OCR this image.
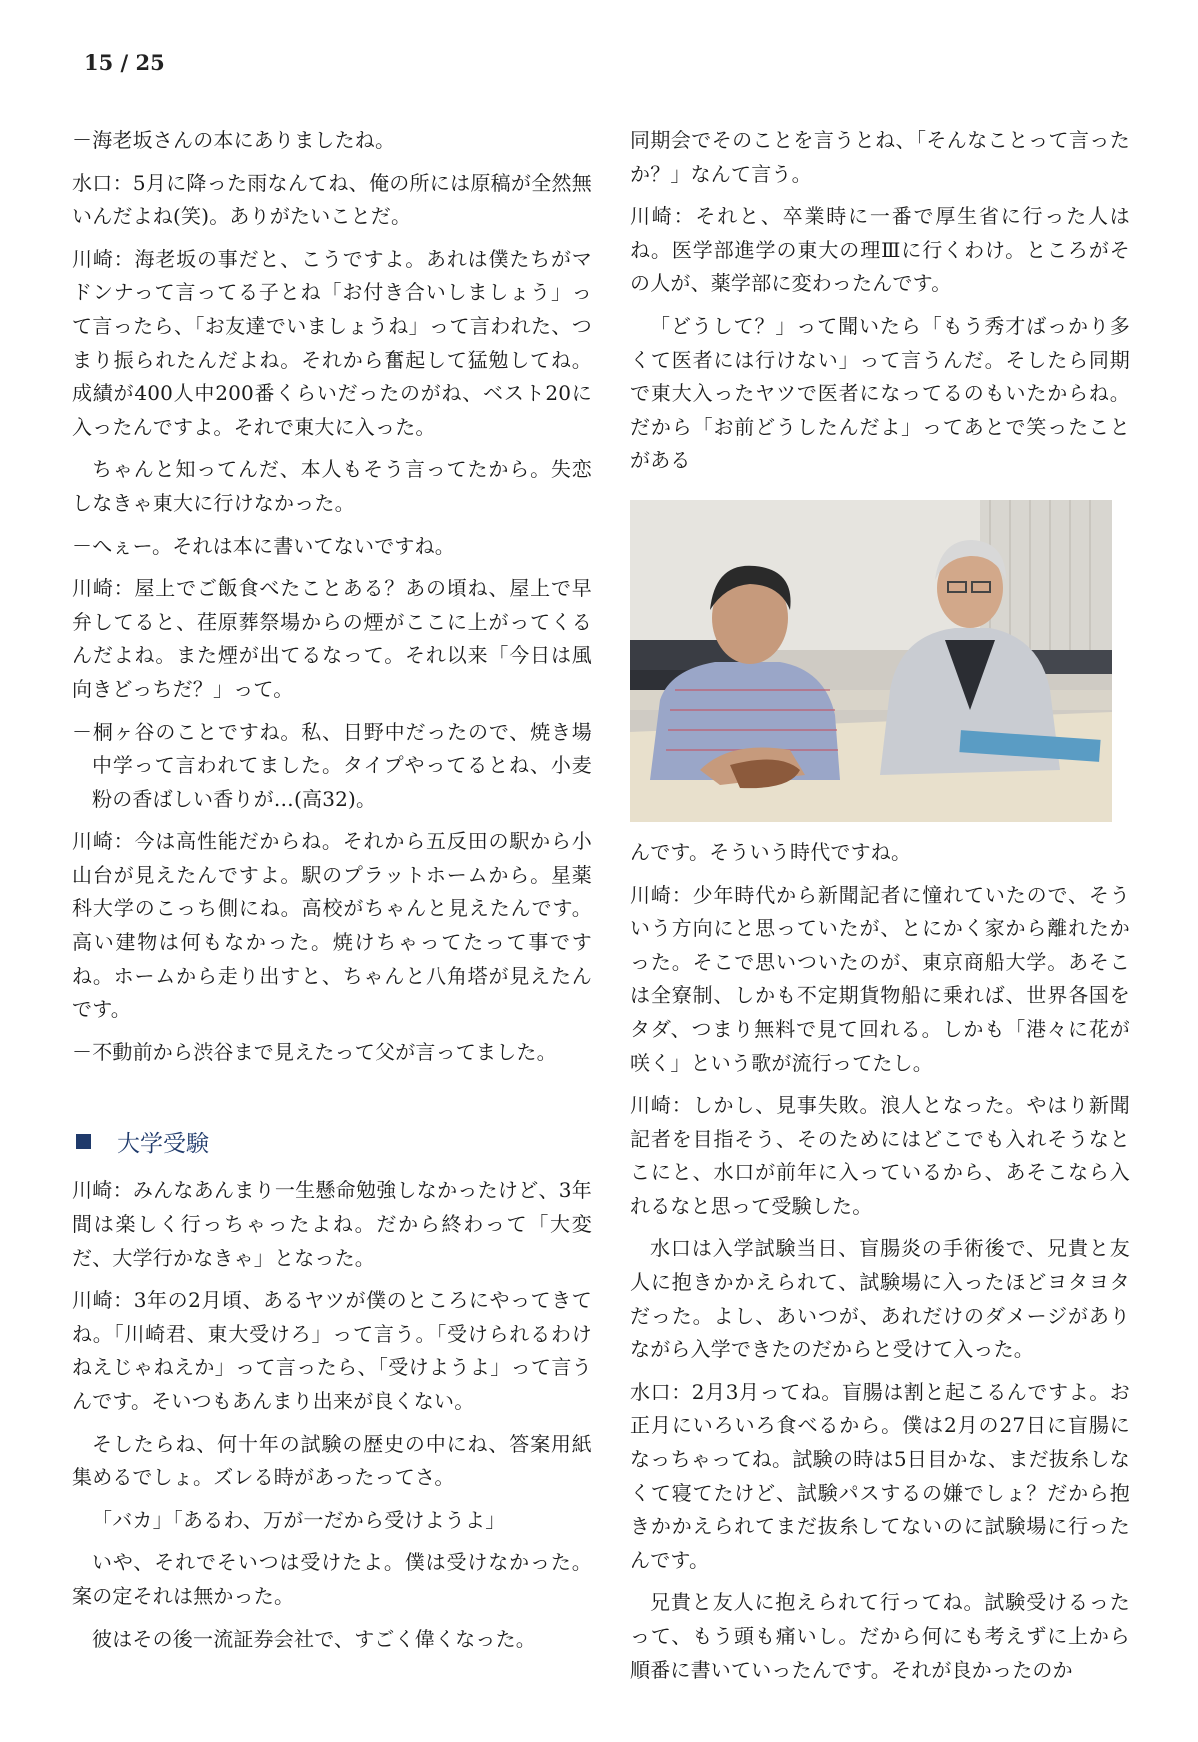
15 / 25

－海老坂さんの本にありましたね。

水口：5月に降った雨なんてね、俺の所には原稿が全然無いんだよね(笑)。ありがたいことだ。

川崎：海老坂の事だと、こうですよ。あれは僕たちがマドンナって言ってる子とね「お付き合いしましょう」って言ったら、「お友達でいましょうね」って言われた、つまり振られたんだよね。それから奮起して猛勉してね。成績が400人中200番くらいだったのがね、ベスト20に入ったんですよ。それで東大に入った。

ちゃんと知ってんだ、本人もそう言ってたから。失恋しなきゃ東大に行けなかった。

－へぇー。それは本に書いてないですね。

川崎：屋上でご飯食べたことある？あの頃ね、屋上で早弁してると、荏原葬祭場からの煙がここに上がってくるんだよね。また煙が出てるなって。それ以来「今日は風向きどっちだ？」って。

－桐ヶ谷のことですね。私、日野中だったので、焼き場中学って言われてました。タイプやってるとね、小麦粉の香ばしい香りが…(高32)。

川崎：今は高性能だからね。それから五反田の駅から小山台が見えたんですよ。駅のプラットホームから。星薬科大学のこっち側にね。高校がちゃんと見えたんです。高い建物は何もなかった。焼けちゃってたって事ですね。ホームから走り出すと、ちゃんと八角塔が見えたんです。

－不動前から渋谷まで見えたって父が言ってました。

大学受験

川崎：みんなあんまり一生懸命勉強しなかったけど、3年間は楽しく行っちゃったよね。だから終わって「大変だ、大学行かなきゃ」となった。

川崎：3年の2月頃、あるヤツが僕のところにやってきてね。「川崎君、東大受けろ」って言う。「受けられるわけねえじゃねえか」って言ったら、「受けようよ」って言うんです。そいつもあんまり出来が良くない。

そしたらね、何十年の試験の歴史の中にね、答案用紙集めるでしょ。ズレる時があったってさ。

「バカ」「あるわ、万が一だから受けようよ」

いや、それでそいつは受けたよ。僕は受けなかった。案の定それは無かった。

彼はその後一流証券会社で、すごく偉くなった。

同期会でそのことを言うとね、「そんなことって言ったか？」なんて言う。

川崎：それと、卒業時に一番で厚生省に行った人はね。医学部進学の東大の理Ⅲに行くわけ。ところがその人が、薬学部に変わったんです。

「どうして？」って聞いたら「もう秀才ばっかり多くて医者には行けない」って言うんだ。そしたら同期で東大入ったヤツで医者になってるのもいたからね。だから「お前どうしたんだよ」ってあとで笑ったことがある

んです。そういう時代ですね。

川崎：少年時代から新聞記者に憧れていたので、そういう方向にと思っていたが、とにかく家から離れたかった。そこで思いついたのが、東京商船大学。あそこは全寮制、しかも不定期貨物船に乗れば、世界各国をタダ、つまり無料で見て回れる。しかも「港々に花が咲く」という歌が流行ってたし。

川崎：しかし、見事失敗。浪人となった。やはり新聞記者を目指そう、そのためにはどこでも入れそうなとこにと、水口が前年に入っているから、あそこなら入れるなと思って受験した。

水口は入学試験当日、盲腸炎の手術後で、兄貴と友人に抱きかかえられて、試験場に入ったほどヨタヨタだった。よし、あいつが、あれだけのダメージがありながら入学できたのだからと受けて入った。

水口：2月3月ってね。盲腸は割と起こるんですよ。お正月にいろいろ食べるから。僕は2月の27日に盲腸になっちゃってね。試験の時は5日目かな、まだ抜糸しなくて寝てたけど、試験パスするの嫌でしょ？だから抱きかかえられてまだ抜糸してないのに試験場に行ったんです。

兄貴と友人に抱えられて行ってね。試験受けるったって、もう頭も痛いし。だから何にも考えずに上から順番に書いていったんです。それが良かったのか
